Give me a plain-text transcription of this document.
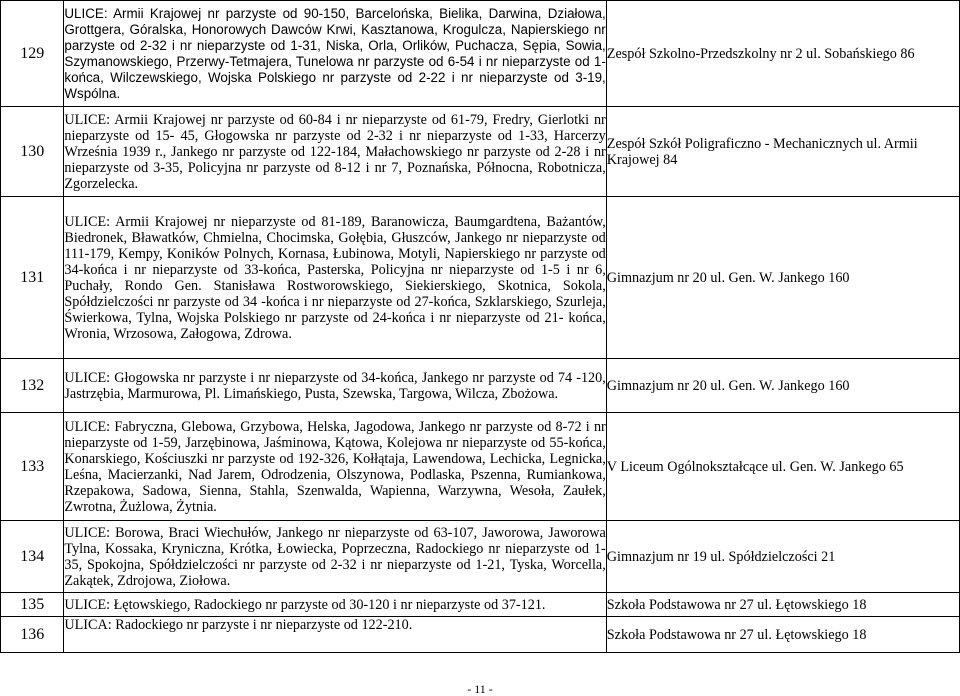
129	ULICE: Armii Krajowej nr parzyste od 90-150, Barcelońska, Bielika, Darwina, Działowa, Grottgera, Góralska, Honorowych Dawców Krwi, Kasztanowa, Krogulcza, Napierskiego nr parzyste od 2-32 i nr nieparzyste od 1-31, Niska, Orla, Orlików, Puchacza, Sępia, Sowia, Szymanowskiego, Przerwy-Tetmajera, Tunelowa nr parzyste od 6-54 i nr nieparzyste od 1-końca, Wilczewskiego, Wojska Polskiego nr parzyste od 2-22 i nr nieparzyste od 3-19, Wspólna.	Zespół Szkolno-Przedszkolny nr 2 ul. Sobańskiego 86

130	ULICE: Armii Krajowej nr parzyste od 60-84 i nr nieparzyste od 61-79, Fredry, Gierlotki nr nieparzyste od 15- 45, Głogowska nr parzyste od 2-32 i nr nieparzyste od 1-33, Harcerzy Września 1939 r., Jankego nr parzyste od 122-184, Małachowskiego nr parzyste od 2-28 i nr nieparzyste od 3-35, Policyjna nr parzyste od 8-12 i nr 7, Poznańska, Północna, Robotnicza, Zgorzelecka.	Zespół Szkół Poligraficzno - Mechanicznych ul. Armii Krajowej 84

131	ULICE: Armii Krajowej nr nieparzyste od 81-189, Baranowicza, Baumgardtena, Bażantów, Biedronek, Bławatków, Chmielna, Chocimska, Gołębia, Głuszców, Jankego nr nieparzyste od 111-179, Kempy, Koników Polnych, Kornasa, Łubinowa, Motyli, Napierskiego nr parzyste od 34-końca i nr nieparzyste od 33-końca, Pasterska, Policyjna nr nieparzyste od 1-5 i nr 6, Puchały, Rondo Gen. Stanisława Rostworowskiego, Siekierskiego, Skotnica, Sokola, Spółdzielczości nr parzyste od 34 -końca i nr nieparzyste od 27-końca, Szklarskiego, Szurleja, Świerkowa, Tylna, Wojska Polskiego nr parzyste od 24-końca i nr nieparzyste od 21- końca, Wronia, Wrzosowa, Załogowa, Zdrowa.	Gimnazjum nr 20 ul. Gen. W. Jankego 160

132	ULICE: Głogowska nr parzyste i nr nieparzyste od 34-końca, Jankego nr parzyste od 74 -120, Jastrzębia, Marmurowa, Pl. Limańskiego, Pusta, Szewska, Targowa, Wilcza, Zbożowa.	Gimnazjum nr 20 ul. Gen. W. Jankego 160

133	ULICE: Fabryczna, Glebowa, Grzybowa, Helska, Jagodowa, Jankego nr parzyste od 8-72 i nr nieparzyste od 1-59, Jarzębinowa, Jaśminowa, Kątowa, Kolejowa nr nieparzyste od 55-końca, Konarskiego, Kościuszki nr parzyste od 192-326, Kołłątaja, Lawendowa, Lechicka, Legnicka, Leśna, Macierzanki, Nad Jarem, Odrodzenia, Olszynowa, Podlaska, Pszenna, Rumiankowa, Rzepakowa, Sadowa, Sienna, Stahla, Szenwalda, Wapienna, Warzywna, Wesoła, Zaułek, Zwrotna, Żużlowa, Żytnia.	V Liceum Ogólnokształcące ul. Gen. W. Jankego 65

134	ULICE: Borowa, Braci Wiechułów, Jankego nr nieparzyste od 63-107, Jaworowa, Jaworowa Tylna, Kossaka, Kryniczna, Krótka, Łowiecka, Poprzeczna, Radockiego nr nieparzyste od 1-35, Spokojna, Spółdzielczości nr parzyste od 2-32 i nr nieparzyste od 1-21, Tyska, Worcella, Zakątek, Zdrojowa, Ziołowa.	Gimnazjum nr 19 ul. Spółdzielczości 21

135	ULICE: Łętowskiego, Radockiego nr parzyste od 30-120 i nr nieparzyste od 37-121.	Szkoła Podstawowa nr 27 ul. Łętowskiego 18

136	ULICA: Radockiego nr parzyste i nr nieparzyste od 122-210.	Szkoła Podstawowa nr 27 ul. Łętowskiego 18
- 11 -
